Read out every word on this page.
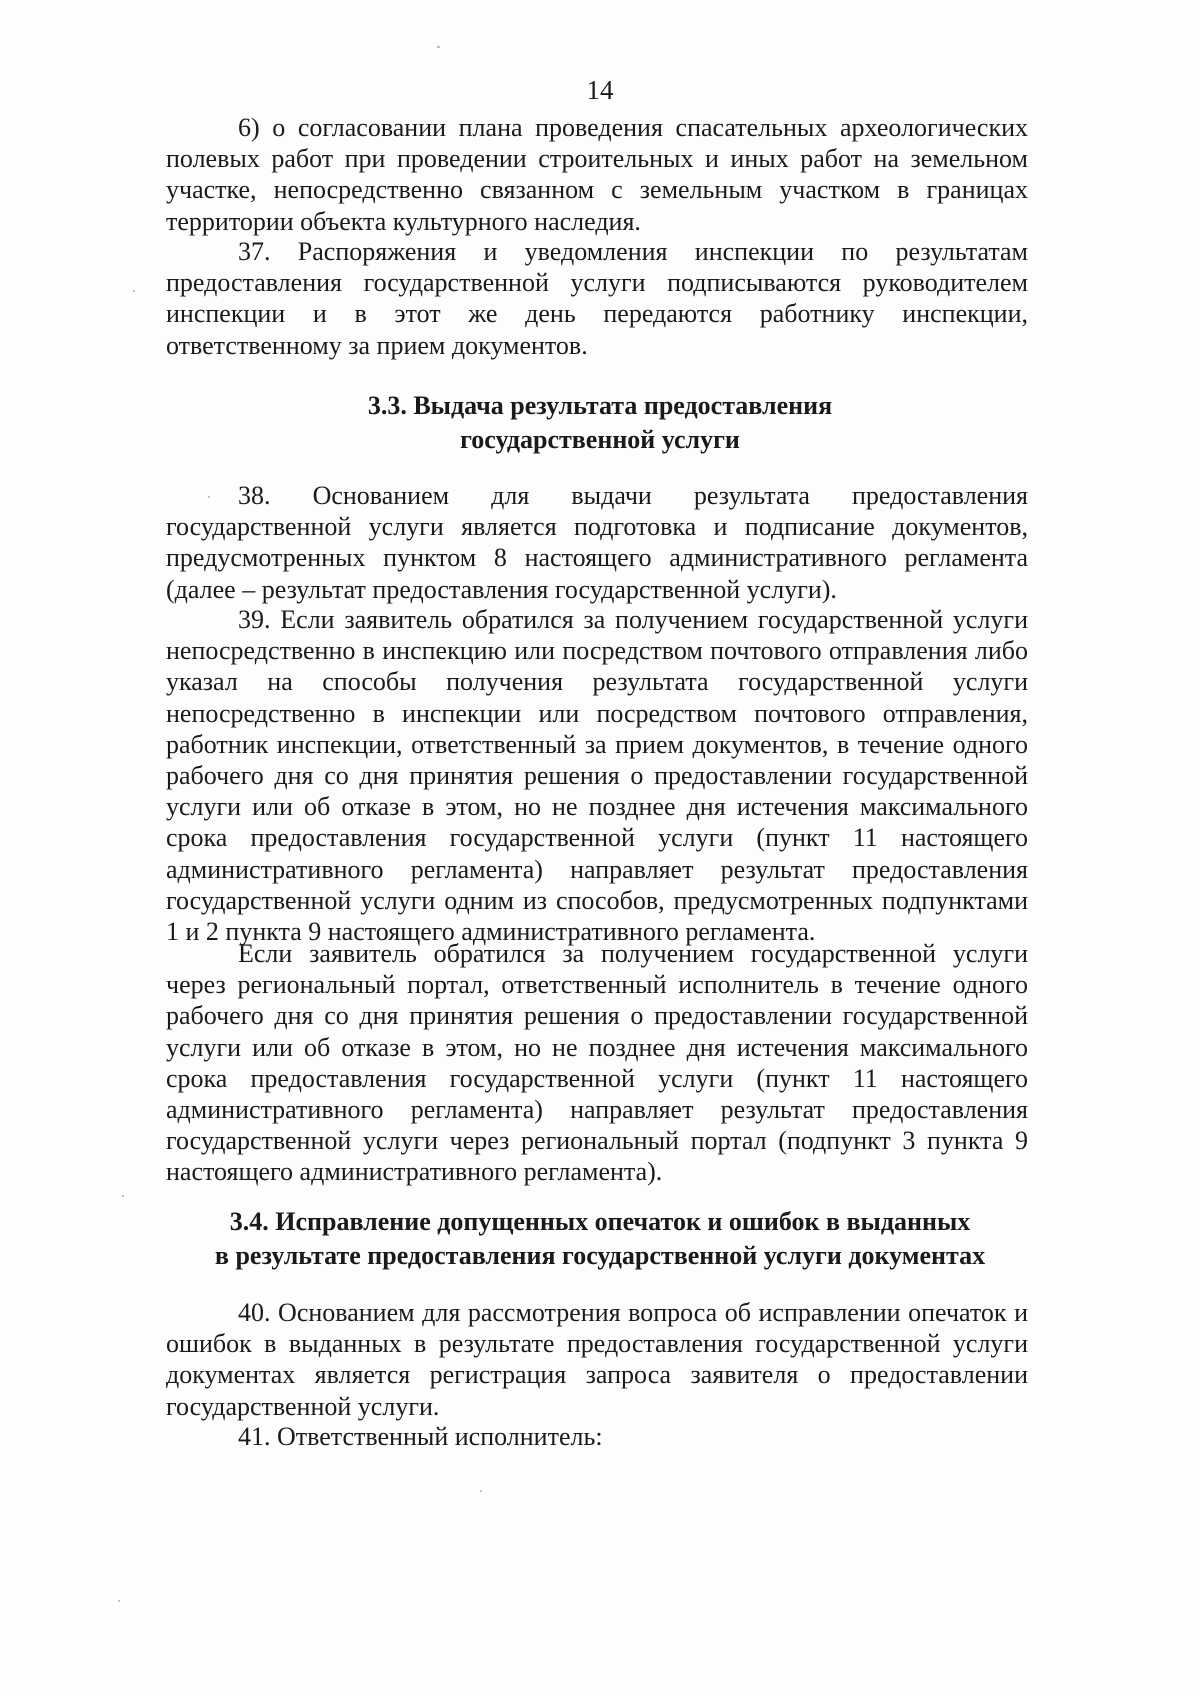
14

6) о согласовании плана проведения спасательных археологических полевых работ при проведении строительных и иных работ на земельном участке, непосредственно связанном с земельным участком в границах территории объекта культурного наследия.

37. Распоряжения и уведомления инспекции по результатам предоставления государственной услуги подписываются руководителем инспекции и в этот же день передаются работнику инспекции, ответственному за прием документов.

3.3. Выдача результата предоставления
государственной услуги

38. Основанием для выдачи результата предоставления государственной услуги является подготовка и подписание документов, предусмотренных пунктом 8 настоящего административного регламента (далее – результат предоставления государственной услуги).

39. Если заявитель обратился за получением государственной услуги непосредственно в инспекцию или посредством почтового отправления либо указал на способы получения результата государственной услуги непосредственно в инспекции или посредством почтового отправления, работник инспекции, ответственный за прием документов, в течение одного рабочего дня со дня принятия решения о предоставлении государственной услуги или об отказе в этом, но не позднее дня истечения максимального срока предоставления государственной услуги (пункт 11 настоящего административного регламента) направляет результат предоставления государственной услуги одним из способов, предусмотренных подпунктами 1 и 2 пункта 9 настоящего административного регламента.

Если заявитель обратился за получением государственной услуги через региональный портал, ответственный исполнитель в течение одного рабочего дня со дня принятия решения о предоставлении государственной услуги или об отказе в этом, но не позднее дня истечения максимального срока предоставления государственной услуги (пункт 11 настоящего административного регламента) направляет результат предоставления государственной услуги через региональный портал (подпункт 3 пункта 9 настоящего административного регламента).

3.4. Исправление допущенных опечаток и ошибок в выданных
в результате предоставления государственной услуги документах

40. Основанием для рассмотрения вопроса об исправлении опечаток и ошибок в выданных в результате предоставления государственной услуги документах является регистрация запроса заявителя о предоставлении государственной услуги.

41. Ответственный исполнитель:
